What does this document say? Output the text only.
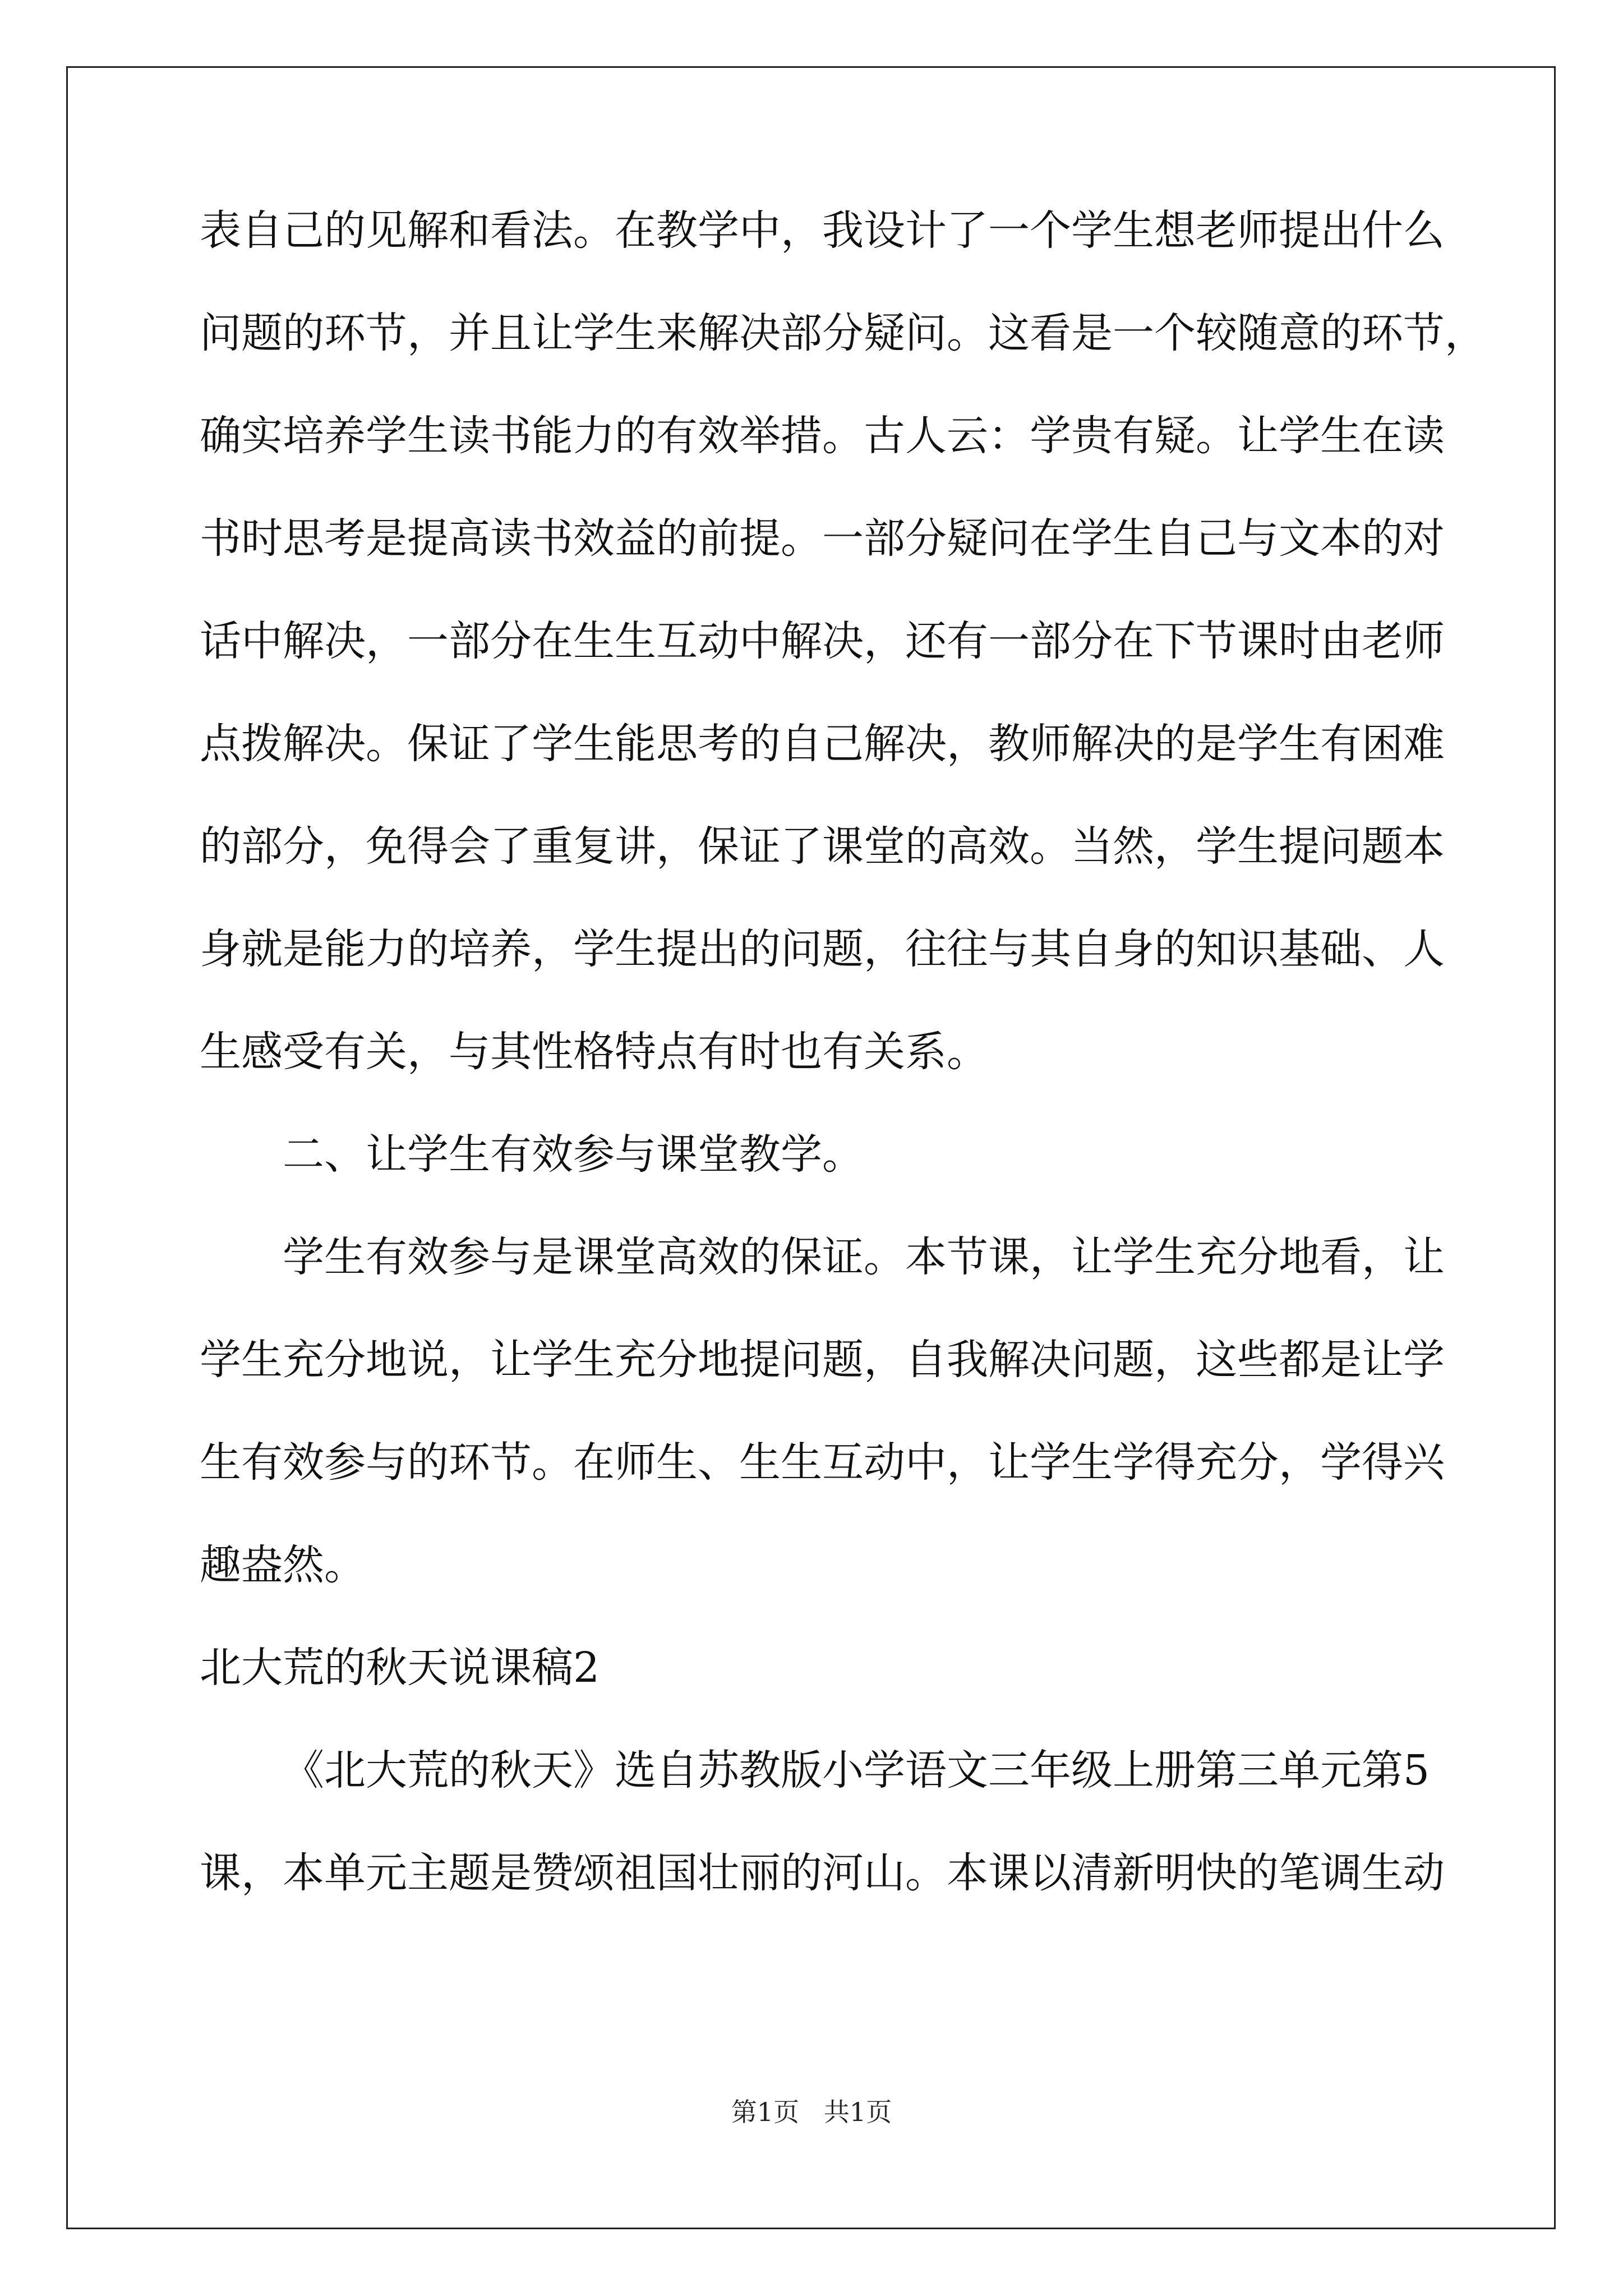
表自己的见解和看法。在教学中，我设计了一个学生想老师提出什么
问题的环节，并且让学生来解决部分疑问。这看是一个较随意的环节，
确实培养学生读书能力的有效举措。古人云：学贵有疑。让学生在读
书时思考是提高读书效益的前提。一部分疑问在学生自己与文本的对
话中解决，一部分在生生互动中解决，还有一部分在下节课时由老师
点拨解决。保证了学生能思考的自己解决，教师解决的是学生有困难
的部分，免得会了重复讲，保证了课堂的高效。当然，学生提问题本
身就是能力的培养，学生提出的问题，往往与其自身的知识基础、人
生感受有关，与其性格特点有时也有关系。
二、让学生有效参与课堂教学。
学生有效参与是课堂高效的保证。本节课，让学生充分地看，让
学生充分地说，让学生充分地提问题，自我解决问题，这些都是让学
生有效参与的环节。在师生、生生互动中，让学生学得充分，学得兴
趣盎然。
北大荒的秋天说课稿2
《北大荒的秋天》选自苏教版小学语文三年级上册第三单元第5
课，本单元主题是赞颂祖国壮丽的河山。本课以清新明快的笔调生动
第1页   共1页
